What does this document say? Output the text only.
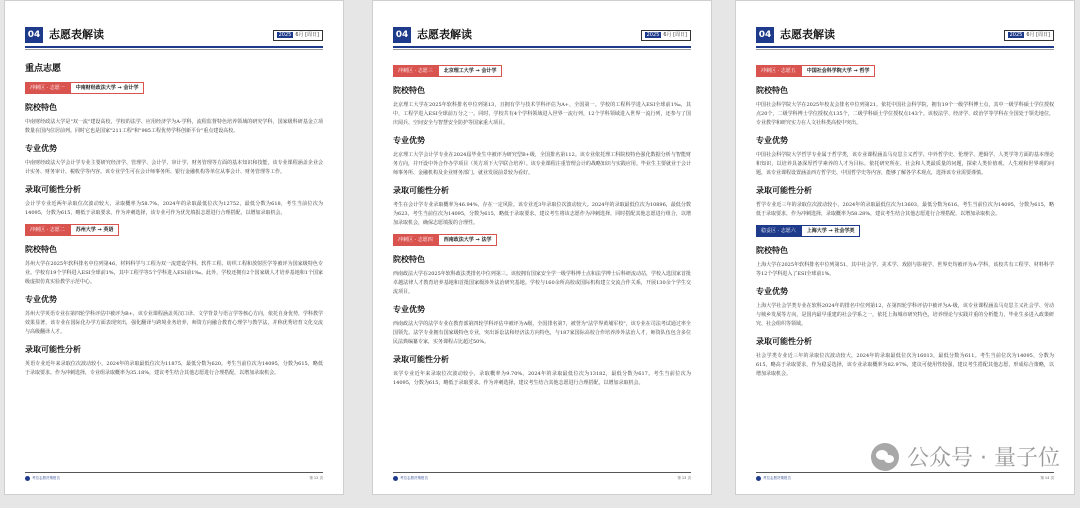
04 志愿表解读	2025 6月 [周日]
重点志愿
冲刺区 · 志愿一	中南财经政法大学 → 会计学
院校特色
中南财经政法大学是"双一流"建设高校，学校的法学、应用经济学为A-学科，流程监督特色培养领域的研究学科，国家级科研基金立项数量在国内位居前列。同时它也是国家"211工程"和"985工程优势学科创新平台"重点建设高校。
专业优势
中南财经政法大学会计学专业主要研究经济学、管理学、会计学、审计学、财务管理等方面的基本知识和技能，该专业课程涵盖企业会计实务、财务审计、税收学等内容。该专业学生可在会计师事务所、银行金融机构等单位从事会计、财务管理等工作。
录取可能性分析
会计学专业近两年录取位次波动较大，录取概率为58.7%。2024年的录取最低位次为12752，最低分数为618，考生当前位次为14095，分数为615，略低于录取要求。作为冲刺选择，该专业可作为优先填报志愿进行合理搭配，以增加录取机会。
冲刺区 · 志愿二	苏州大学 → 英语
院校特色
苏州大学在2025年软科排名中位列第46，材料科学与工程为双一流建设学科。软件工程、纺织工程和放射医学等被评为国家级特色专业。学校有19个学科进入ESI全球前1%，其中工程学等5个学科进入ESI前1‰。此外，学校还拥有2个国家级人才培养基地和1个国家级虚拟仿真实验教学示范中心。
专业优势
苏州大学英语专业在第四轮学科评估中被评为B+，该专业课程涵盖英汉口译、文学背景与语言学等核心方向，依托自身优势，学科教学效果显著，该专业在国际化办学方面表现突出，强化翻译与跨境业务培养，师资方向融合教育心理学与教学法，并称优秀培育文化交流与高级翻译人才。
录取可能性分析
英语专业近年来录取位次波动较小，2024年的录取最低位次为11875，最低分数为620。考生当前位次为14095，分数为615，略低于录取要求。作为冲刺选择，专业组录取概率为35.18%，建议考生结合其他志愿进行合理搭配，以增加录取机会。
考拉志愿决策报告	第 12 页
04 志愿表解读	2025 6月 [周日]
冲刺区 · 志愿三	北京理工大学 → 会计学
院校特色
北京理工大学在2025年软科排名中位列第13，且拥有学与技术学科评估为A+，全国第一。学校的工程科学进入ESI全球前1‰，其中，工程学进入ESI全球前万分之一。同时，学校共有4个学科领域进入世界一流行列，12个学科领域进入世界一流行列，还参与了国庆阅兵、空间安全与智慧安全防护等国家重大项目。
专业优势
北京理工大学会计学专业在2024届毕业生中被评为研究型B+级，全国排名第112。该专业依托理工科院校特色强化数据分析与智能财务方向，并开设中外合作办学项目（英方项下大学联合培养）。该专业课程注重管理会计的战略知识与实践应用。毕业生主要就业于会计师事务所、金融机构及企业财务部门，就业发展前景较为看好。
录取可能性分析
考生在会计学专业录取概率为46.94%，存在一定风险。该专业近3年录取位次波动较大。2024年的录取最低位次为10896，最低分数为623，考生当前位次为14095，分数为615，略低于录取要求。建议考生将该志愿作为冲刺选择，同时搭配其他志愿进行组合，以增加录取机会，确保志愿填报的合理性。
冲刺区 · 志愿四	西南政法大学 → 法学
院校特色
西南政法大学在2025年软科政法类排名中位列第三。该校拥有国家安全学一级学科博士点和法学博士后科研流动站，学校入选国家首批卓越法律人才教育培养基地和首批国家级涉外法治研究基地。学校与160余所高校或国际机构建立交流合作关系，开展130余个学生交流项目。
专业优势
西南政法大学的法学专业在教育部第四轮学科评估中被评为A级，全国排名第7，被誉为"法学界黄埔军校"，该专业在司法考试通过率全国领先。法学专业拥有国家级特色专业，突出诉讼法和经济法方向特色，与187家国际高校合作培养涉外法治人才，师资队伍包含多位民法典编纂专家，实务课程占比超过50%。
录取可能性分析
该学专业近年来录取位次波动较小，录取概率为9.70%。2024年的录取最低位次为13182，最低分数为617。考生当前位次为14095，分数为615，略低于录取要求。作为冲刺选择，建议考生结合其他志愿进行合理搭配，以增加录取机会。
考拉志愿决策报告	第 13 页
04 志愿表解读	2025 6月 [周日]
冲刺区 · 志愿五	中国社会科学院大学 → 哲学
院校特色
中国社会科学院大学在2025年校友会排名中位列第21，依托中国社会科学院，拥有19个一级学科博士点，其中一级学科硕士学位授权点20个，二级学科博士学位授权点135个，二级学科硕士学位授权点143个。该校法学、经济学、政治学等学科在全国处于领先地位，专业教学和研究实力在人文社科类高校中突出。
专业优势
中国社会科学院大学哲学专业属于哲学类，该专业课程涵盖马克思主义哲学、中外哲学史、伦理学、逻辑学、人类学等方面的基本理论和知识，以培养具备深厚哲学素养的人才为目标。依托研究所在、社会和人类最质量的问题，探索人类价值观、人生观和世界观的问题，该专业课程设置涵盖西方哲学史、中国哲学史等内容，能够了解各学术观点，选择该专业需要谨慎。
录取可能性分析
哲学专业近三年的录取位次波动较小，2024年的录取最低位次为13603，最低分数为616。考生当前位次为14095，分数为615，略低于录取要求，作为冲刺选择，录取概率为58.28%，建议考生结合其他志愿进行合理搭配，以增加录取机会。
稳妥区 · 志愿六	上海大学 → 社会学类
院校特色
上海大学在2025年软科排名中位列第51，其中社会学、美术学、戏剧与影视学、世界史均被评为A-学科，该校共有工程学、材料科学等12个学科进入了ESI全球前1%。
专业优势
上海大学社会学类专业在软科2024年的排名中位列第12，在第四轮学科评估中被评为A-级，该专业课程涵盖马克思主义社会学、劳动与城乡发展等方向，是国内最早重建的社会学系之一，依托上海城市研究特色，培养理论与实践并重的分析能力，毕业生多进入政策研究、社会组织等领域。
录取可能性分析
社会学类专业近三年的录取位次波动较大，2024年的录取最低位次为16013，最低分数为611。考生当前位次为14095，分数为615，略高于录取要求，作为稳妥选择，该专业录取概率为82.97%，建议可使用性较强，建议考生搭配其他志愿，形成综合策略，以增加录取机会。
考拉志愿决策报告	第 14 页
公众号 · 量子位
